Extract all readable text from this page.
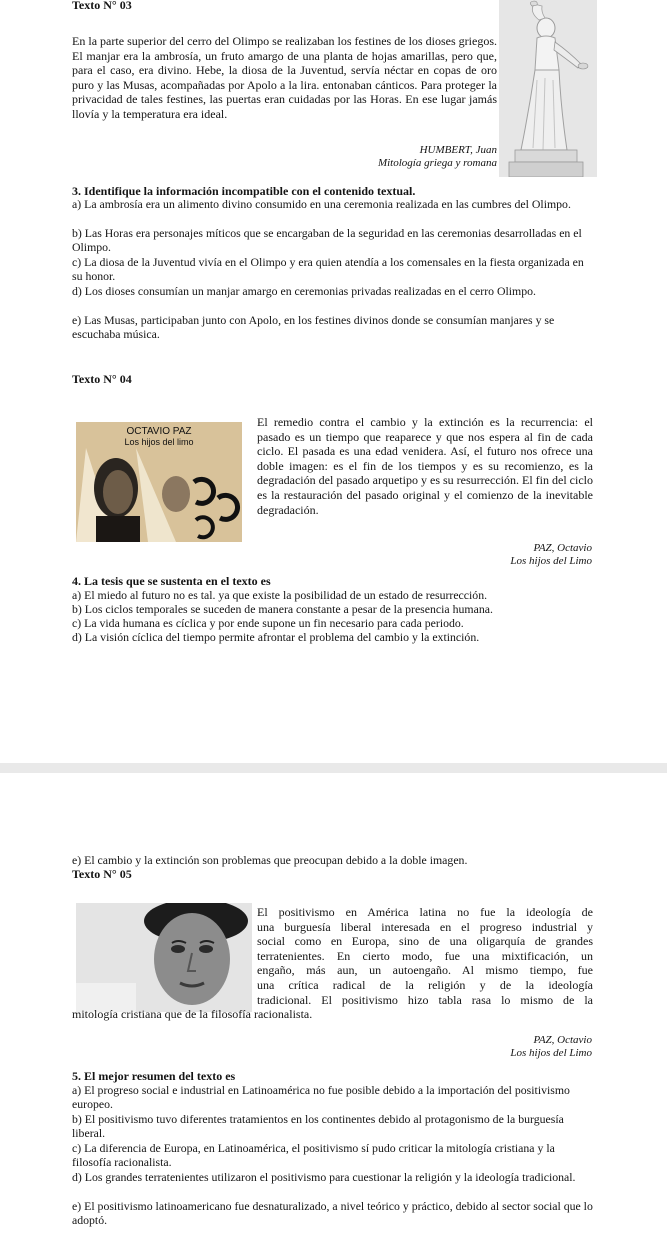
Texto N° 03
En la parte superior del cerro del Olimpo se realizaban los festines de los dioses griegos. El manjar era la ambrosía, un fruto amargo de una planta de hojas amarillas, pero que, para el caso, era divino. Hebe, la diosa de la Juventud, servía néctar en copas de oro puro y las Musas, acompañadas por Apolo a la lira. entonaban cánticos. Para proteger la privacidad de tales festines, las puertas eran cuidadas por las Horas. En ese lugar jamás llovía y la temperatura era ideal.
HUMBERT, Juan
Mitología griega y romana
3. Identifique la información incompatible con el contenido textual.
a) La ambrosía era un alimento divino consumido en una ceremonia realizada en las cumbres del Olimpo.
b) Las Horas era personajes míticos que se encargaban de la seguridad en las ceremonias desarrolladas en el Olimpo.
c) La diosa de la Juventud vivía en el Olimpo y era quien atendía a los comensales en la fiesta organizada en su honor.
d) Los dioses consumían un manjar amargo en ceremonias privadas realizadas en el cerro Olimpo.
e) Las Musas, participaban junto con Apolo, en los festines divinos donde se consumían manjares y se escuchaba música.
Texto N° 04
OCTAVIO PAZ
Los hijos del limo
El remedio contra el cambio y la extinción es la recurrencia: el pasado es un tiempo que reaparece y que nos espera al fin de cada ciclo. El pasada es una edad venidera. Así, el futuro nos ofrece una doble imagen: es el fin de los tiempos y es su recomienzo, es la degradación del pasado arquetipo y es su resurrección. El fin del ciclo es la restauración del pasado original y el comienzo de la inevitable degradación.
PAZ, Octavio
Los hijos del Limo
4. La tesis que se sustenta en el texto es
a) El miedo al futuro no es tal. ya que existe la posibilidad de un estado de resurrección.
b) Los ciclos temporales se suceden de manera constante a pesar de la presencia humana.
c) La vida humana es cíclica y por ende supone un fin necesario para cada periodo.
d) La visión cíclica del tiempo permite afrontar el problema del cambio y la extinción.
e) El cambio y la extinción son problemas que preocupan debido a la doble imagen.
Texto N° 05
El positivismo en América latina no fue la ideología de
una burguesía liberal interesada en el progreso industrial y
social como en Europa, sino de una oligarquía de grandes
terratenientes. En cierto modo, fue una mixtificación, un
engaño, más aun, un autoengaño. Al mismo tiempo, fue
una crítica radical de la religión y de la ideología
tradicional. El positivismo hizo tabla rasa lo mismo de la
mitología cristiana que de la filosofía racionalista.
PAZ, Octavio
Los hijos del Limo
5. El mejor resumen del texto es
a) El progreso social e industrial en Latinoamérica no fue posible debido a la importación del positivismo europeo.
b) El positivismo tuvo diferentes tratamientos en los continentes debido al protagonismo de la burguesía liberal.
c) La diferencia de Europa, en Latinoamérica, el positivismo sí pudo criticar la mitología cristiana y la filosofía racionalista.
d) Los grandes terratenientes utilizaron el positivismo para cuestionar la religión y la ideología tradicional.
e) El positivismo latinoamericano fue desnaturalizado, a nivel teórico y práctico, debido al sector social que lo adoptó.
